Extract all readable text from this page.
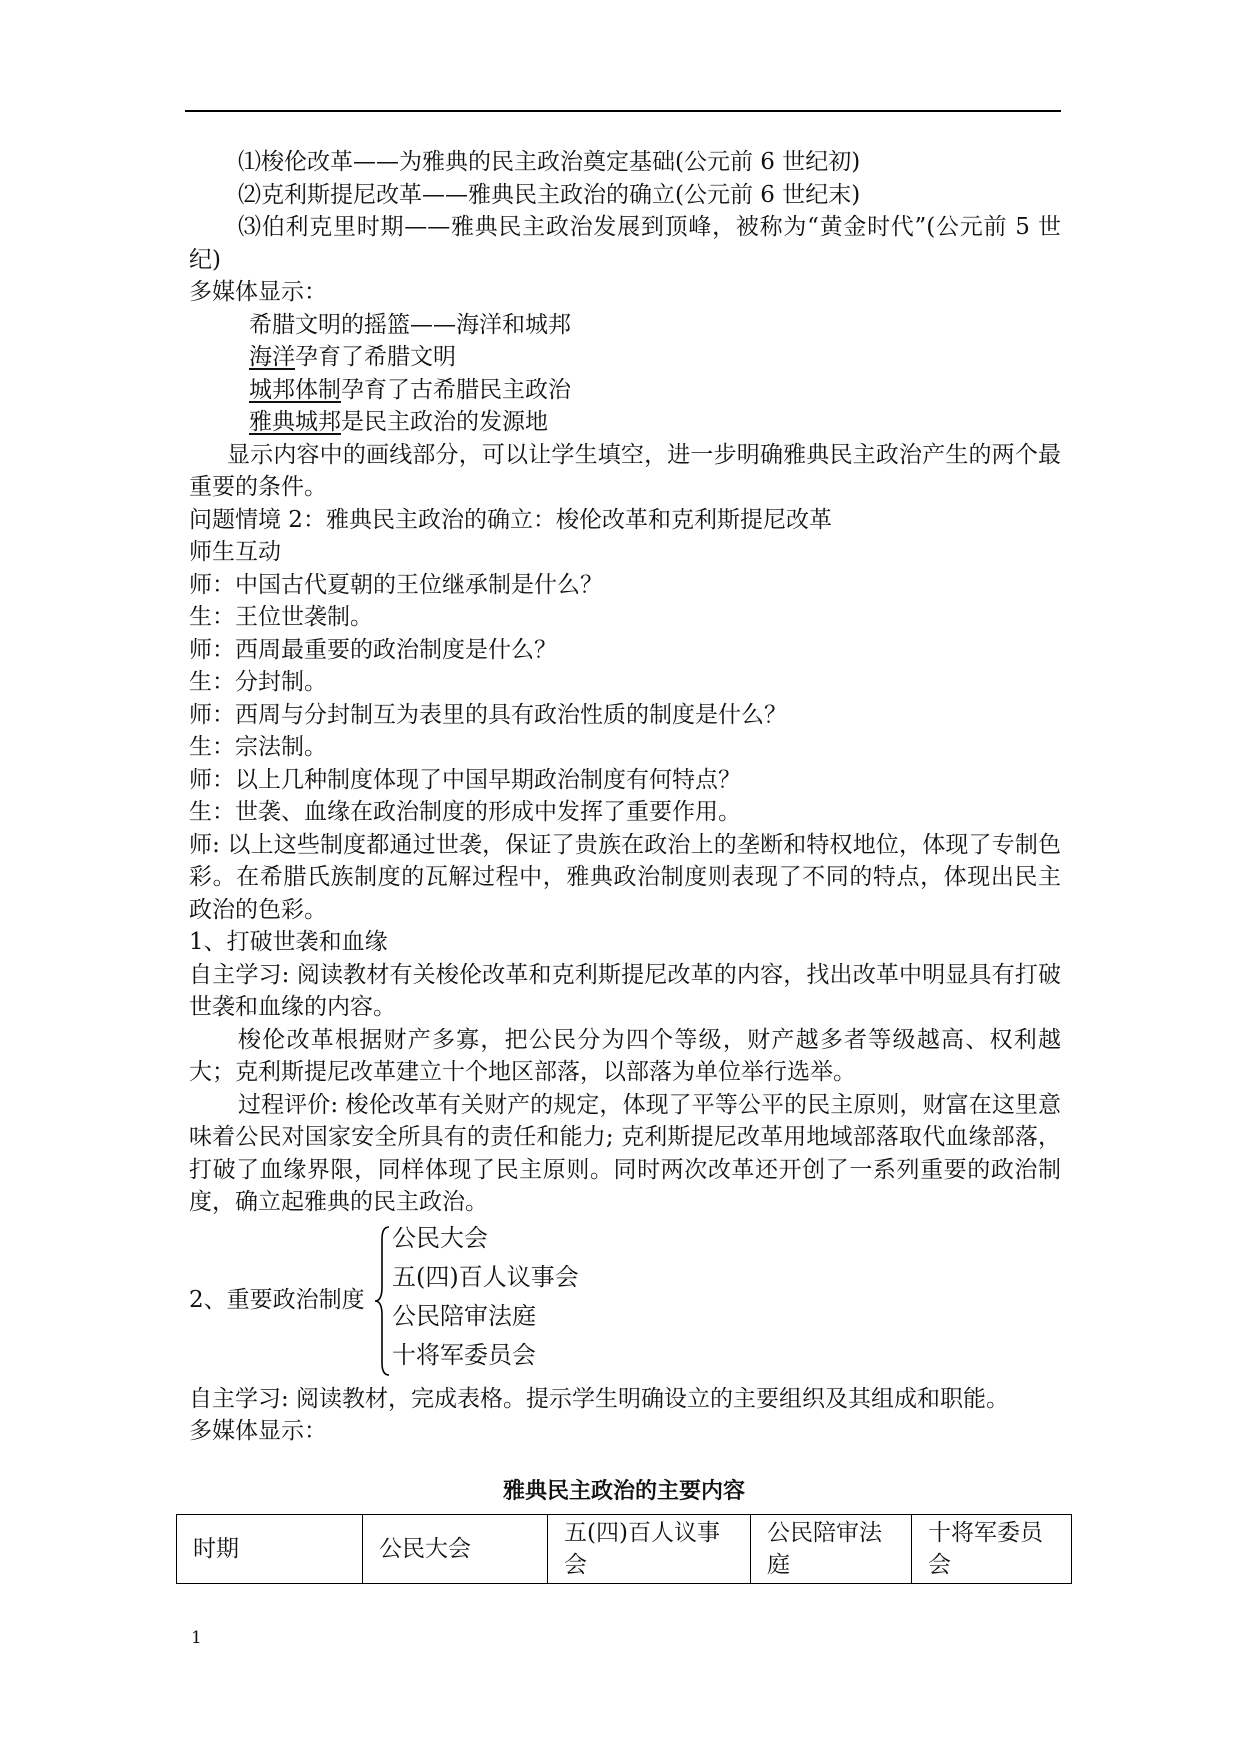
⑴梭伦改革——为雅典的民主政治奠定基础(公元前 6 世纪初)
⑵克利斯提尼改革——雅典民主政治的确立(公元前 6 世纪末)
⑶伯利克里时期——雅典民主政治发展到顶峰，被称为“黄金时代”(公元前 5 世纪)
多媒体显示：
希腊文明的摇篮——海洋和城邦
海洋孕育了希腊文明
城邦体制孕育了古希腊民主政治
雅典城邦是民主政治的发源地
显示内容中的画线部分，可以让学生填空，进一步明确雅典民主政治产生的两个最重要的条件。
问题情境 2：雅典民主政治的确立：梭伦改革和克利斯提尼改革
师生互动
师：中国古代夏朝的王位继承制是什么？
生：王位世袭制。
师：西周最重要的政治制度是什么？
生：分封制。
师：西周与分封制互为表里的具有政治性质的制度是什么？
生：宗法制。
师：以上几种制度体现了中国早期政治制度有何特点？
生：世袭、血缘在政治制度的形成中发挥了重要作用。
师: 以上这些制度都通过世袭，保证了贵族在政治上的垄断和特权地位，体现了专制色彩。在希腊氏族制度的瓦解过程中，雅典政治制度则表现了不同的特点，体现出民主政治的色彩。
1、打破世袭和血缘
自主学习: 阅读教材有关梭伦改革和克利斯提尼改革的内容，找出改革中明显具有打破世袭和血缘的内容。
梭伦改革根据财产多寡，把公民分为四个等级，财产越多者等级越高、权利越大；克利斯提尼改革建立十个地区部落，以部落为单位举行选举。
过程评价: 梭伦改革有关财产的规定，体现了平等公平的民主原则，财富在这里意味着公民对国家安全所具有的责任和能力; 克利斯提尼改革用地域部落取代血缘部落，打破了血缘界限，同样体现了民主原则。同时两次改革还开创了一系列重要的政治制度，确立起雅典的民主政治。
2、重要政治制度
公民大会
五(四)百人议事会
公民陪审法庭
十将军委员会
自主学习: 阅读教材，完成表格。提示学生明确设立的主要组织及其组成和职能。
多媒体显示：
雅典民主政治的主要内容
时期	公民大会	五(四)百人议事会	公民陪审法庭	十将军委员会
1
